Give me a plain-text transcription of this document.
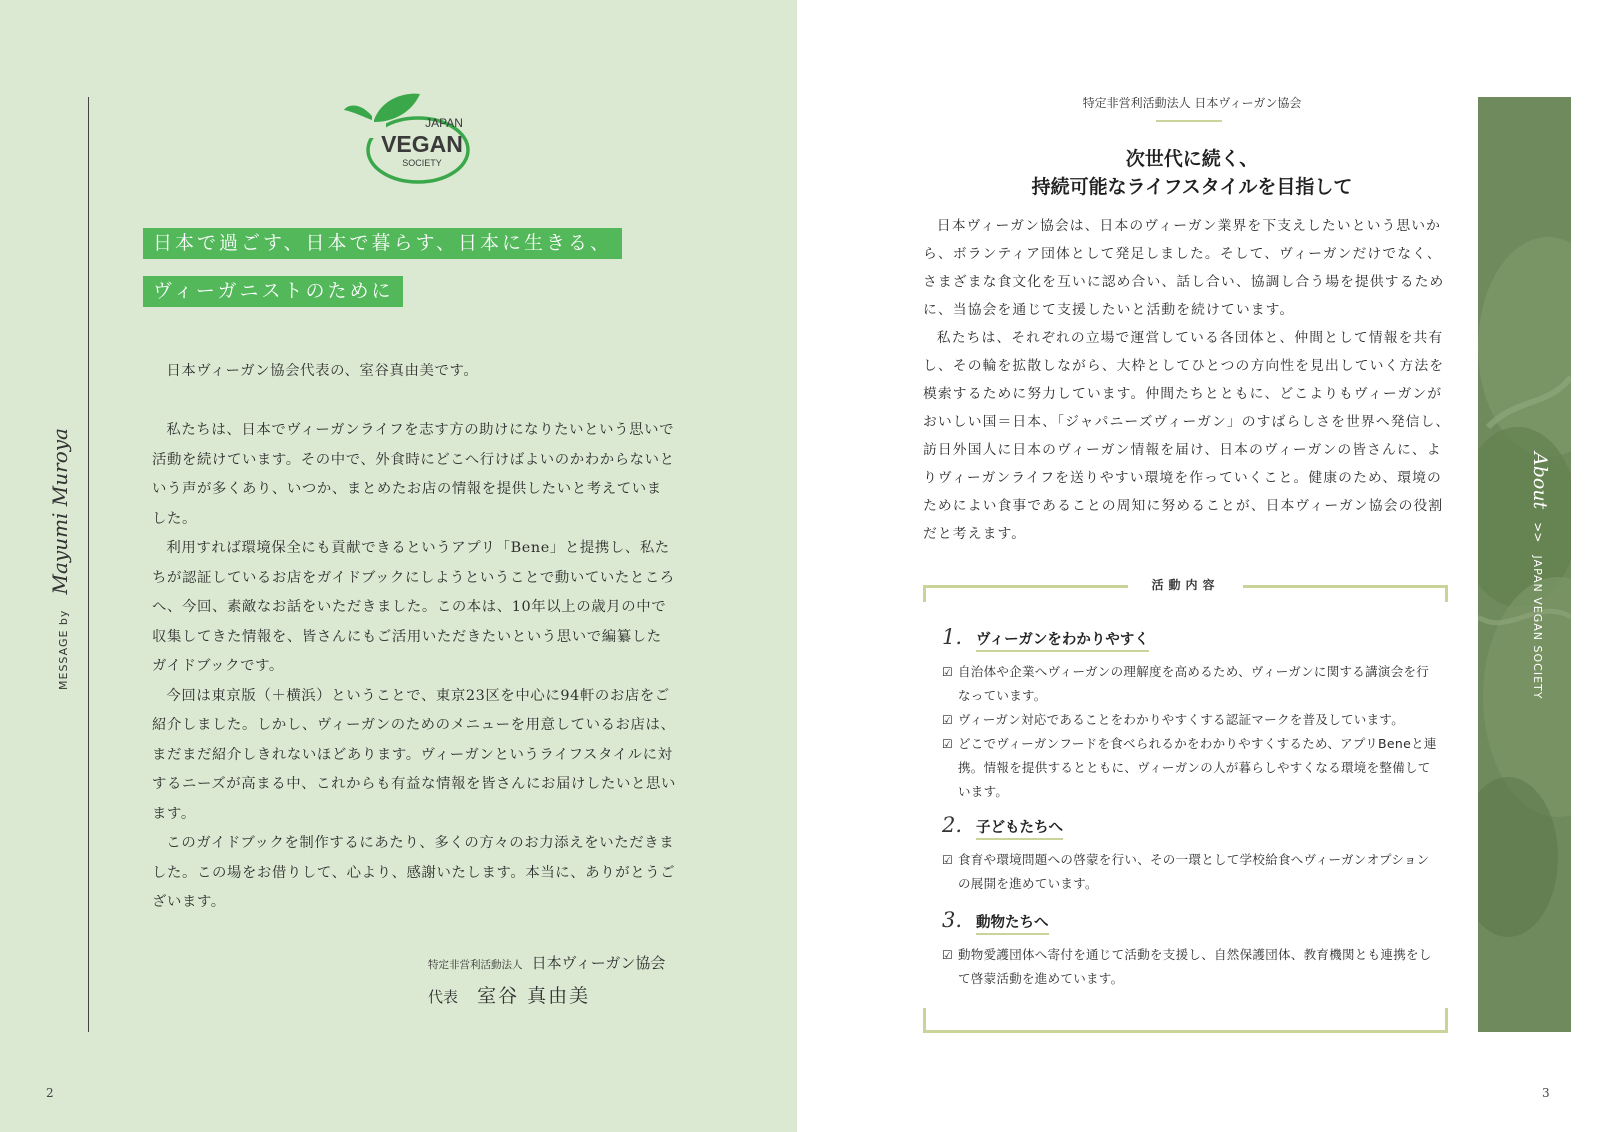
MESSAGE by Mayumi Muroya
JAPAN
VEGAN
SOCIETY
日本で過ごす、日本で暮らす、日本に生きる、
ヴィーガニストのために

日本ヴィーガン協会代表の、室谷真由美です。

私たちは、日本でヴィーガンライフを志す方の助けになりたいという思いで活動を続けています。その中で、外食時にどこへ行けばよいのかわからないという声が多くあり、いつか、まとめたお店の情報を提供したいと考えていました。

利用すれば環境保全にも貢献できるというアプリ「Bene」と提携し、私たちが認証しているお店をガイドブックにしようということで動いていたところへ、今回、素敵なお話をいただきました。この本は、10年以上の歳月の中で収集してきた情報を、皆さんにもご活用いただきたいという思いで編纂したガイドブックです。

今回は東京版（＋横浜）ということで、東京23区を中心に94軒のお店をご紹介しました。しかし、ヴィーガンのためのメニューを用意しているお店は、まだまだ紹介しきれないほどあります。ヴィーガンというライフスタイルに対するニーズが高まる中、これからも有益な情報を皆さんにお届けしたいと思います。

このガイドブックを制作するにあたり、多くの方々のお力添えをいただきました。この場をお借りして、心より、感謝いたします。本当に、ありがとうございます。

特定非営利活動法人 日本ヴィーガン協会
代表 室谷 真由美
2
特定非営利活動法人 日本ヴィーガン協会
次世代に続く、
持続可能なライフスタイルを目指して

日本ヴィーガン協会は、日本のヴィーガン業界を下支えしたいという思いから、ボランティア団体として発足しました。そして、ヴィーガンだけでなく、さまざまな食文化を互いに認め合い、話し合い、協調し合う場を提供するために、当協会を通じて支援したいと活動を続けています。

私たちは、それぞれの立場で運営している各団体と、仲間として情報を共有し、その輪を拡散しながら、大枠としてひとつの方向性を見出していく方法を模索するために努力しています。仲間たちとともに、どこよりもヴィーガンがおいしい国＝日本、「ジャパニーズヴィーガン」のすばらしさを世界へ発信し、訪日外国人に日本のヴィーガン情報を届け、日本のヴィーガンの皆さんに、よりヴィーガンライフを送りやすい環境を作っていくこと。健康のため、環境のためによい食事であることの周知に努めることが、日本ヴィーガン協会の役割だと考えます。

活動内容
1. ヴィーガンをわかりやすく
☑ 自治体や企業へヴィーガンの理解度を高めるため、ヴィーガンに関する講演会を行なっています。
☑ ヴィーガン対応であることをわかりやすくする認証マークを普及しています。
☑ どこでヴィーガンフードを食べられるかをわかりやすくするため、アプリBeneと連携。情報を提供するとともに、ヴィーガンの人が暮らしやすくなる環境を整備しています。
2. 子どもたちへ
☑ 食育や環境問題への啓蒙を行い、その一環として学校給食へヴィーガンオプションの展開を進めています。
3. 動物たちへ
☑ 動物愛護団体へ寄付を通じて活動を支援し、自然保護団体、教育機関とも連携をして啓蒙活動を進めています。
About >> JAPAN VEGAN SOCIETY
3
